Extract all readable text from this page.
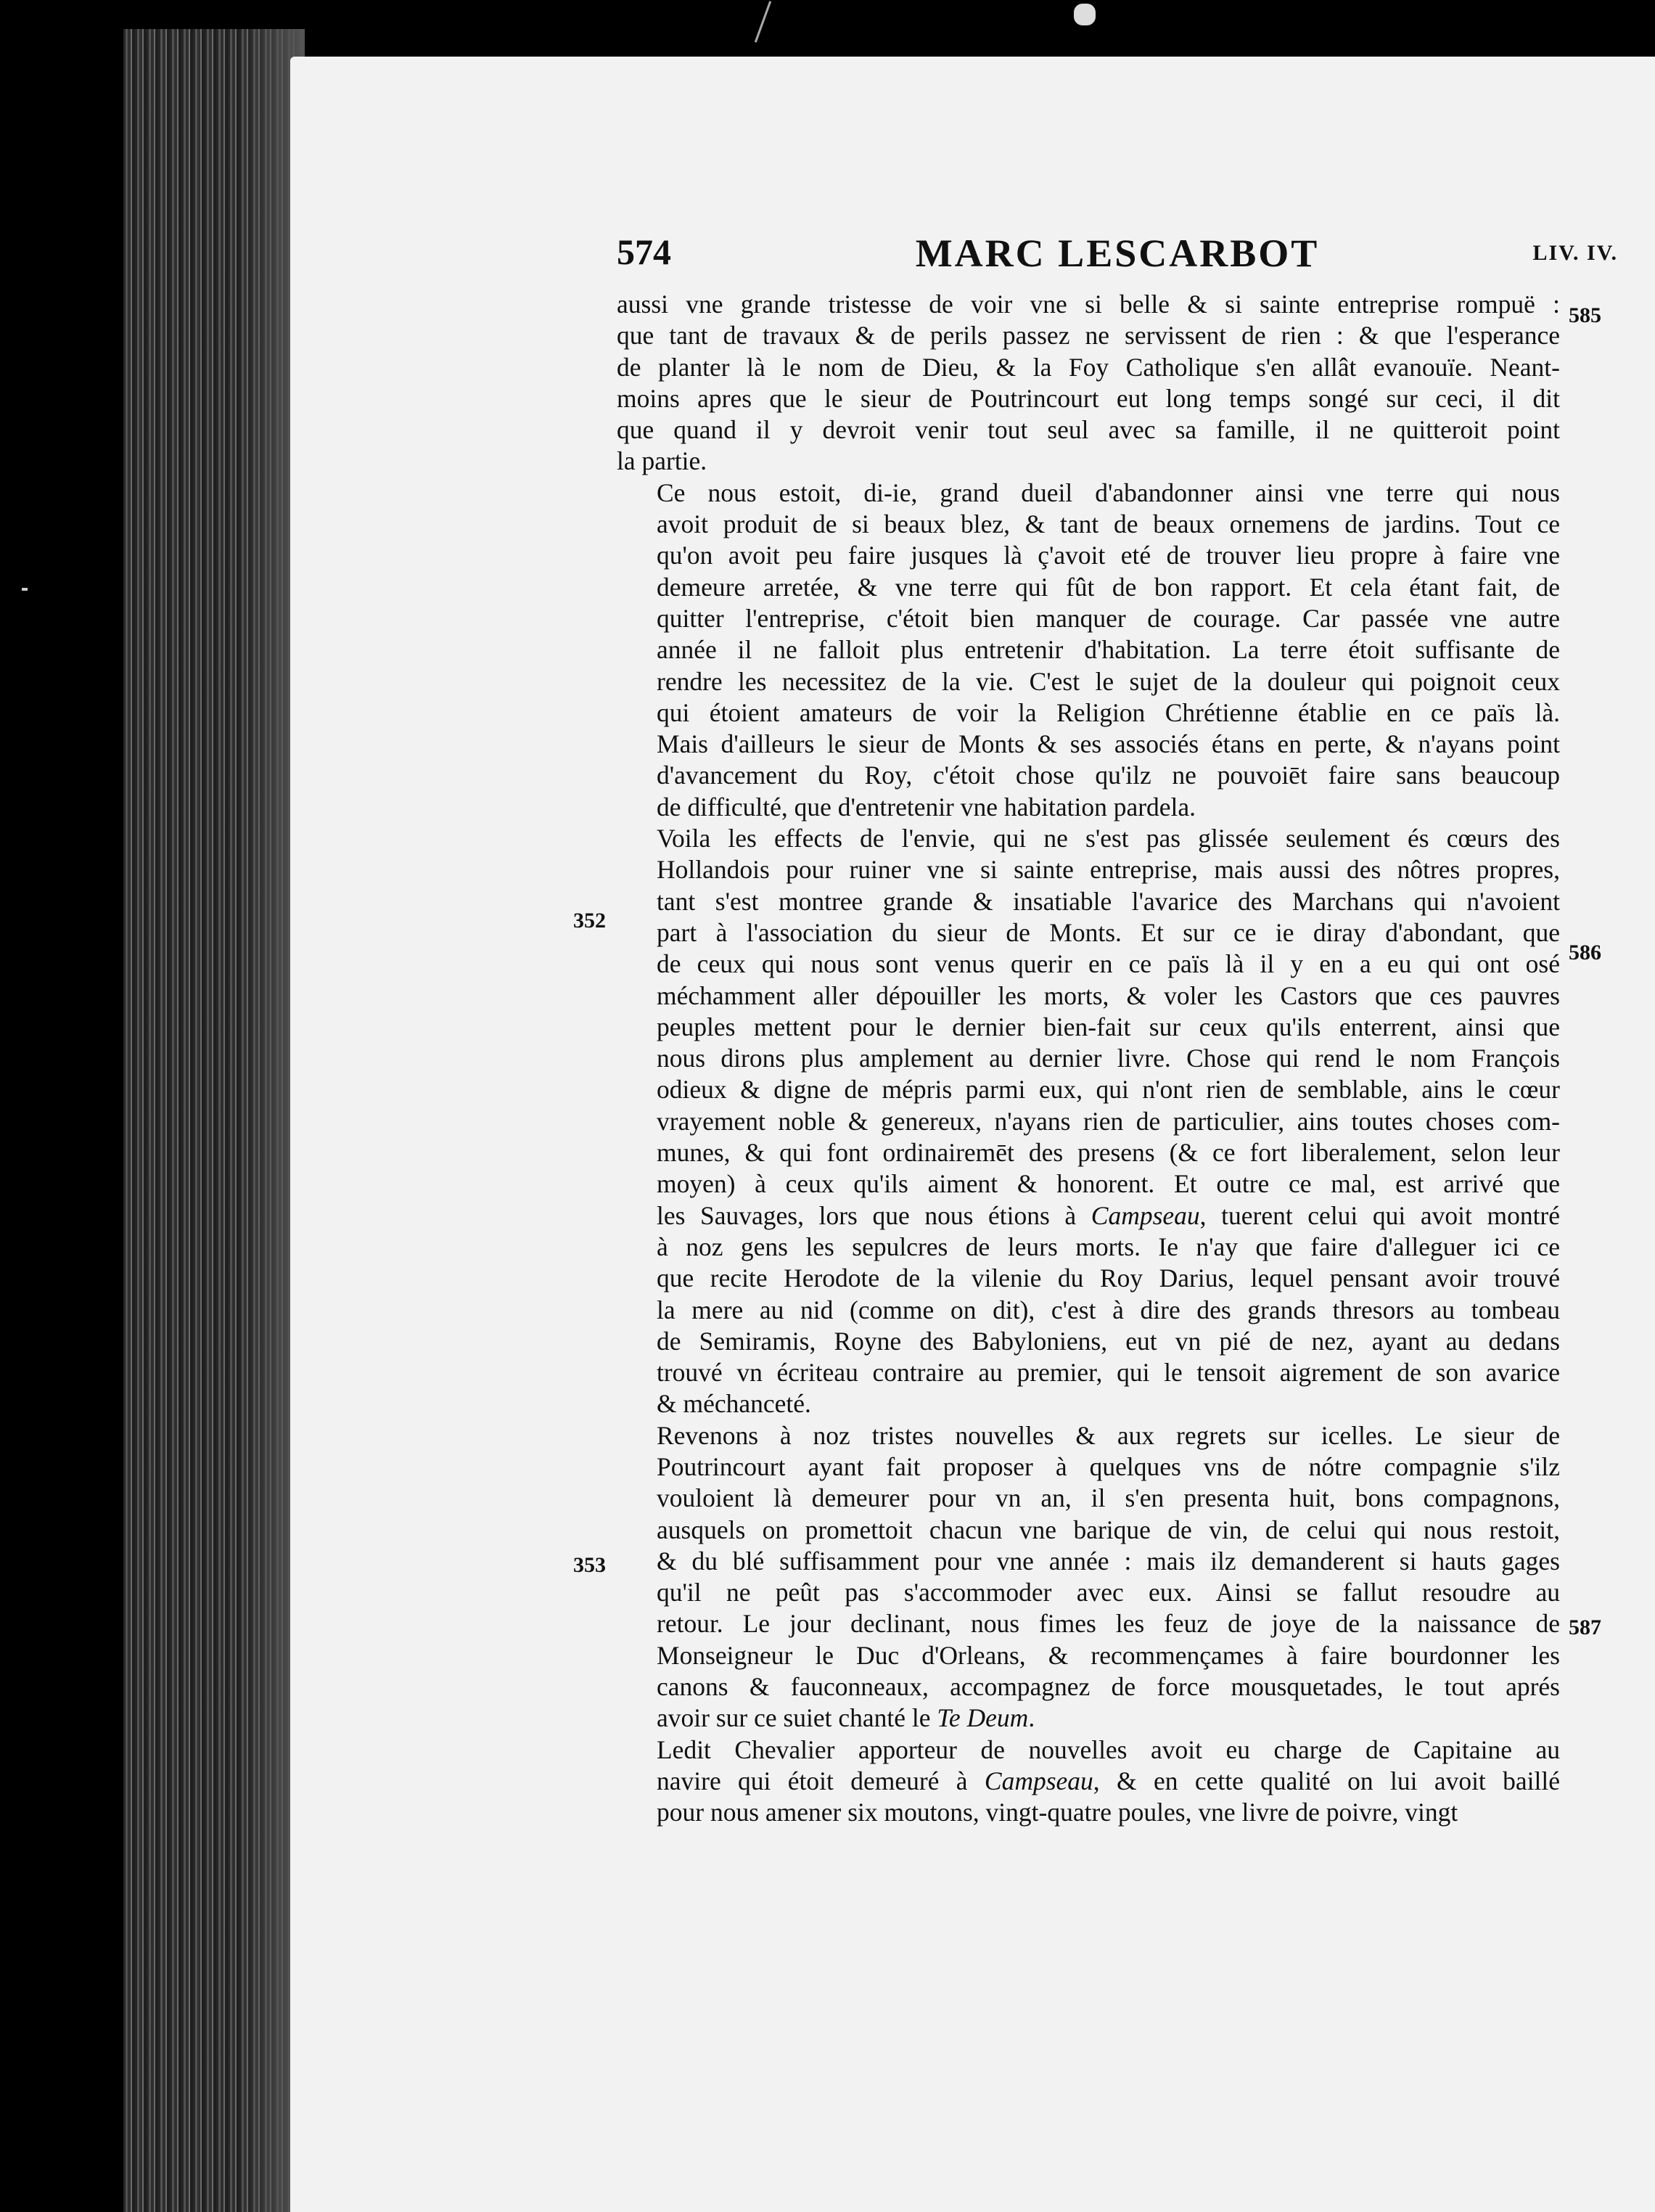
574	MARC LESCARBOT	LIV. IV.
aussi vne grande tristesse de voir vne si belle & si sainte entreprise rompuë :
que tant de travaux & de perils passez ne servissent de rien : & que l'esperance
de planter là le nom de Dieu, & la Foy Catholique s'en allât evanouïe. Neant-
moins apres que le sieur de Poutrincourt eut long temps songé sur ceci, il dit
que quand il y devroit venir tout seul avec sa famille, il ne quitteroit point
la partie.
Ce nous estoit, di-ie, grand dueil d'abandonner ainsi vne terre qui nous
avoit produit de si beaux blez, & tant de beaux ornemens de jardins. Tout ce
qu'on avoit peu faire jusques là ç'avoit eté de trouver lieu propre à faire vne
demeure arretée, & vne terre qui fût de bon rapport. Et cela étant fait, de
quitter l'entreprise, c'étoit bien manquer de courage. Car passée vne autre
année il ne falloit plus entretenir d'habitation. La terre étoit suffisante de
rendre les necessitez de la vie. C'est le sujet de la douleur qui poignoit ceux
qui étoient amateurs de voir la Religion Chrétienne établie en ce païs là.
Mais d'ailleurs le sieur de Monts & ses associés étans en perte, & n'ayans point
d'avancement du Roy, c'étoit chose qu'ilz ne pouvoiēt faire sans beaucoup
de difficulté, que d'entretenir vne habitation pardela.
Voila les effects de l'envie, qui ne s'est pas glissée seulement és cœurs des
Hollandois pour ruiner vne si sainte entreprise, mais aussi des nôtres propres,
tant s'est montree grande & insatiable l'avarice des Marchans qui n'avoient
part à l'association du sieur de Monts. Et sur ce ie diray d'abondant, que
de ceux qui nous sont venus querir en ce païs là il y en a eu qui ont osé
méchamment aller dépouiller les morts, & voler les Castors que ces pauvres
peuples mettent pour le dernier bien-fait sur ceux qu'ils enterrent, ainsi que
nous dirons plus amplement au dernier livre. Chose qui rend le nom François
odieux & digne de mépris parmi eux, qui n'ont rien de semblable, ains le cœur
vrayement noble & genereux, n'ayans rien de particulier, ains toutes choses com-
munes, & qui font ordinairemēt des presens (& ce fort liberalement, selon leur
moyen) à ceux qu'ils aiment & honorent. Et outre ce mal, est arrivé que
les Sauvages, lors que nous étions à Campseau, tuerent celui qui avoit montré
à noz gens les sepulcres de leurs morts. Ie n'ay que faire d'alleguer ici ce
que recite Herodote de la vilenie du Roy Darius, lequel pensant avoir trouvé
la mere au nid (comme on dit), c'est à dire des grands thresors au tombeau
de Semiramis, Royne des Babyloniens, eut vn pié de nez, ayant au dedans
trouvé vn écriteau contraire au premier, qui le tensoit aigrement de son avarice
& méchanceté.
Revenons à noz tristes nouvelles & aux regrets sur icelles. Le sieur de
Poutrincourt ayant fait proposer à quelques vns de nótre compagnie s'ilz
vouloient là demeurer pour vn an, il s'en presenta huit, bons compagnons,
ausquels on promettoit chacun vne barique de vin, de celui qui nous restoit,
& du blé suffisamment pour vne année : mais ilz demanderent si hauts gages
qu'il ne peût pas s'accommoder avec eux. Ainsi se fallut resoudre au
retour. Le jour declinant, nous fimes les feuz de joye de la naissance de
Monseigneur le Duc d'Orleans, & recommençames à faire bourdonner les
canons & fauconneaux, accompagnez de force mousquetades, le tout aprés
avoir sur ce suiet chanté le Te Deum.
Ledit Chevalier apporteur de nouvelles avoit eu charge de Capitaine au
navire qui étoit demeuré à Campseau, & en cette qualité on lui avoit baillé
pour nous amener six moutons, vingt-quatre poules, vne livre de poivre, vingt
585
586
587
352
353
